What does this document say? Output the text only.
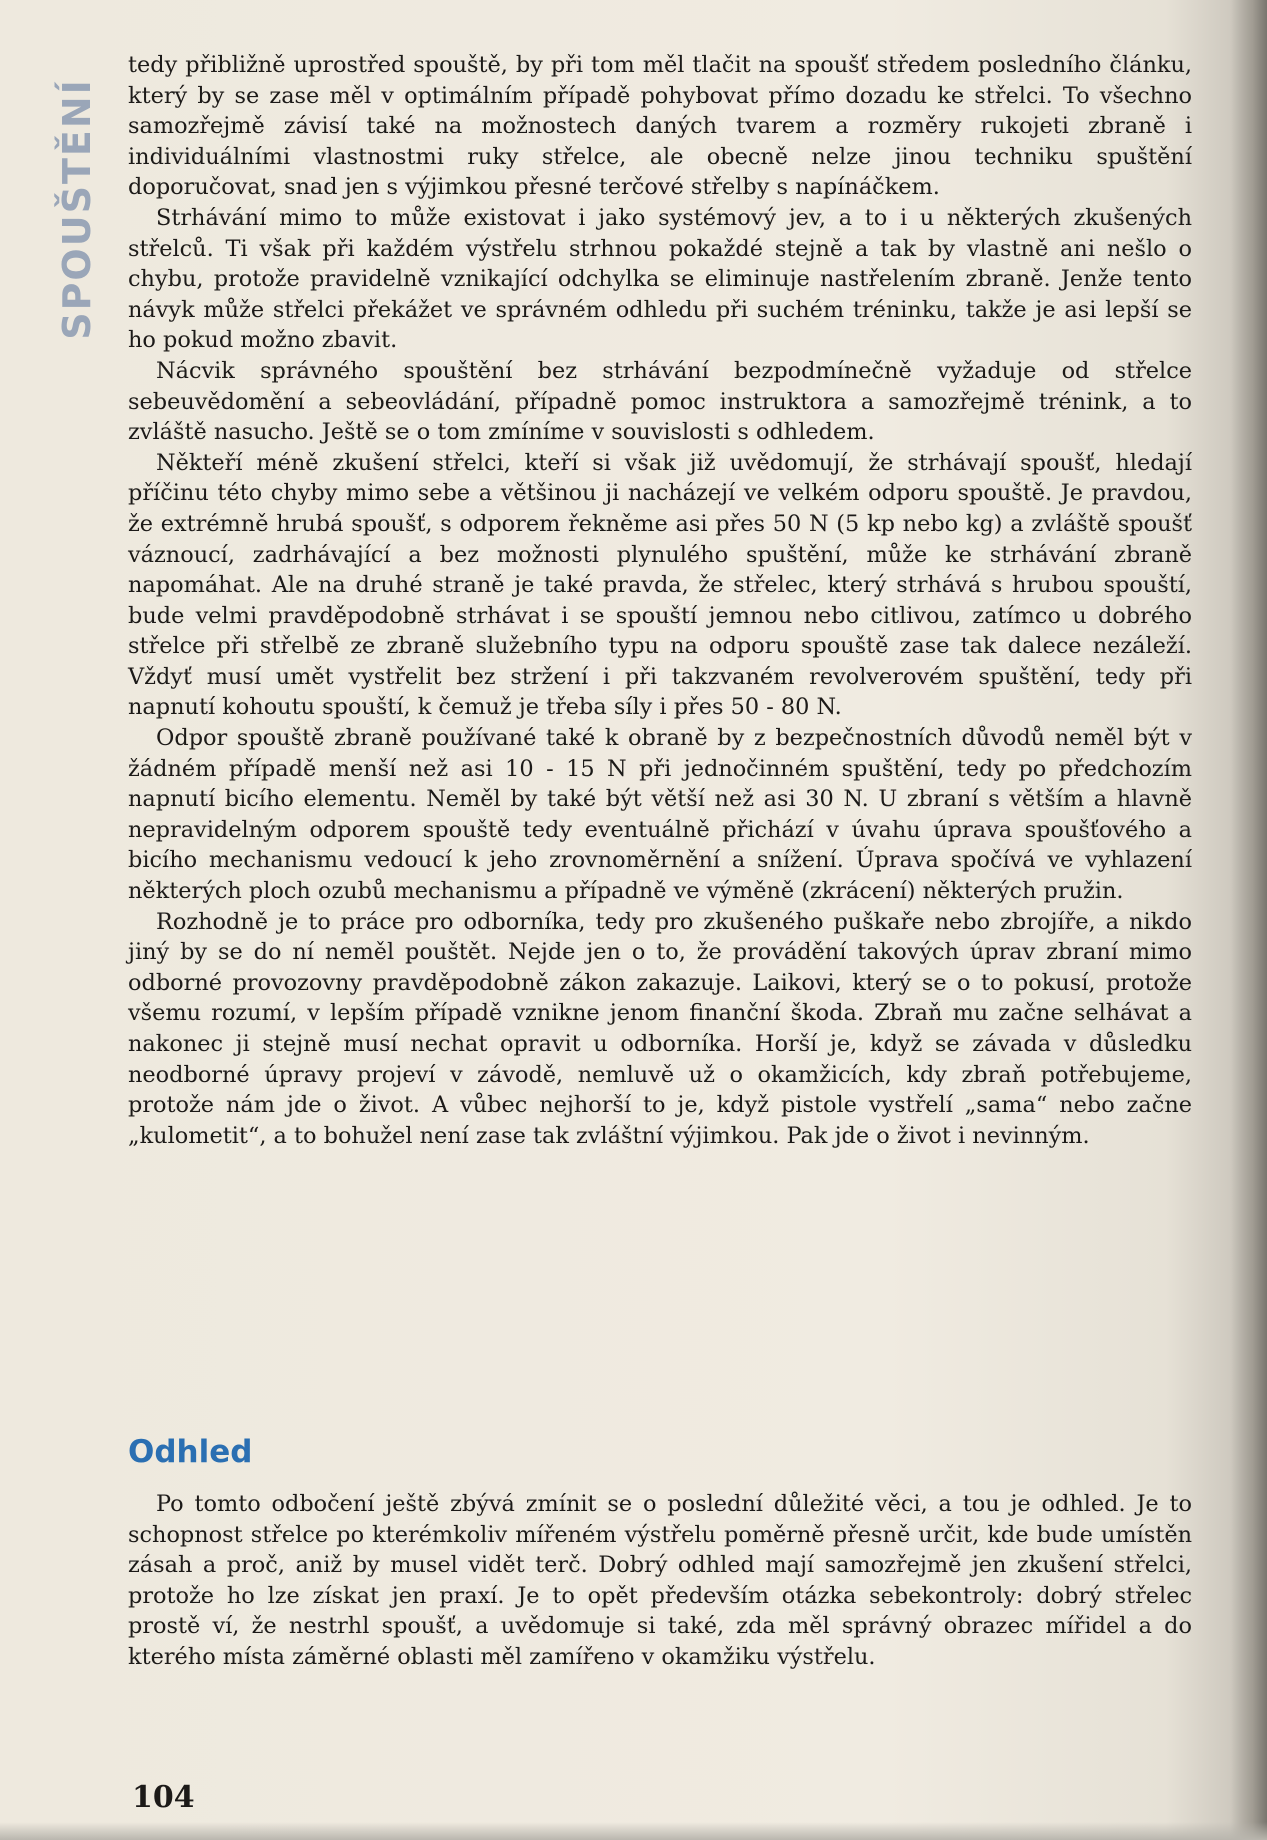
SPOUŠTĚNÍ

tedy přibližně uprostřed spouště, by při tom měl tlačit na spoušť středem posledního článku, který by se zase měl v optimálním případě pohybovat přímo dozadu ke střelci. To všechno samozřejmě závisí také na možnostech daných tvarem a rozměry rukojeti zbraně i individuálními vlastnostmi ruky střelce, ale obecně nelze jinou techniku spuštění doporučovat, snad jen s výjimkou přesné terčové střelby s napínáčkem.

Strhávání mimo to může existovat i jako systémový jev, a to i u některých zkušených střelců. Ti však při každém výstřelu strhnou pokaždé stejně a tak by vlastně ani nešlo o chybu, protože pravidelně vznikající odchylka se eliminuje nastřelením zbraně. Jenže tento návyk může střelci překážet ve správném odhledu při suchém tréninku, takže je asi lepší se ho pokud možno zbavit.

Nácvik správného spouštění bez strhávání bezpodmínečně vyžaduje od střelce sebeuvědomění a sebeovládání, případně pomoc instruktora a samozřejmě trénink, a to zvláště nasucho. Ještě se o tom zmíníme v souvislosti s odhledem.

Někteří méně zkušení střelci, kteří si však již uvědomují, že strhávají spoušť, hledají příčinu této chyby mimo sebe a většinou ji nacházejí ve velkém odporu spouště. Je pravdou, že extrémně hrubá spoušť, s odporem řekněme asi přes 50 N (5 kp nebo kg) a zvláště spoušť váznoucí, zadrhávající a bez možnosti plynulého spuštění, může ke strhávání zbraně napomáhat. Ale na druhé straně je také pravda, že střelec, který strhává s hrubou spouští, bude velmi pravděpodobně strhávat i se spouští jemnou nebo citlivou, zatímco u dobrého střelce při střelbě ze zbraně služebního typu na odporu spouště zase tak dalece nezáleží. Vždyť musí umět vystřelit bez stržení i při takzvaném revolverovém spuštění, tedy při napnutí kohoutu spouští, k čemuž je třeba síly i přes 50 - 80 N.

Odpor spouště zbraně používané také k obraně by z bezpečnostních důvodů neměl být v žádném případě menší než asi 10 - 15 N při jednočinném spuštění, tedy po předchozím napnutí bicího elementu. Neměl by také být větší než asi 30 N. U zbraní s větším a hlavně nepravidelným odporem spouště tedy eventuálně přichází v úvahu úprava spoušťového a bicího mechanismu vedoucí k jeho zrovnoměrnění a snížení. Úprava spočívá ve vyhlazení některých ploch ozubů mechanismu a případně ve výměně (zkrácení) některých pružin.

Rozhodně je to práce pro odborníka, tedy pro zkušeného puškaře nebo zbrojíře, a nikdo jiný by se do ní neměl pouštět. Nejde jen o to, že provádění takových úprav zbraní mimo odborné provozovny pravděpodobně zákon zakazuje. Laikovi, který se o to pokusí, protože všemu rozumí, v lepším případě vznikne jenom finanční škoda. Zbraň mu začne selhávat a nakonec ji stejně musí nechat opravit u odborníka. Horší je, když se závada v důsledku neodborné úpravy projeví v závodě, nemluvě už o okamžicích, kdy zbraň potřebujeme, protože nám jde o život. A vůbec nejhorší to je, když pistole vystřelí „sama“ nebo začne „kulometit“, a to bohužel není zase tak zvláštní výjimkou. Pak jde o život i nevinným.

Odhled

Po tomto odbočení ještě zbývá zmínit se o poslední důležité věci, a tou je odhled. Je to schopnost střelce po kterémkoliv mířeném výstřelu poměrně přesně určit, kde bude umístěn zásah a proč, aniž by musel vidět terč. Dobrý odhled mají samozřejmě jen zkušení střelci, protože ho lze získat jen praxí. Je to opět především otázka sebekontroly: dobrý střelec prostě ví, že nestrhl spoušť, a uvědomuje si také, zda měl správný obrazec mířidel a do kterého místa záměrné oblasti měl zamířeno v okamžiku výstřelu.

104
